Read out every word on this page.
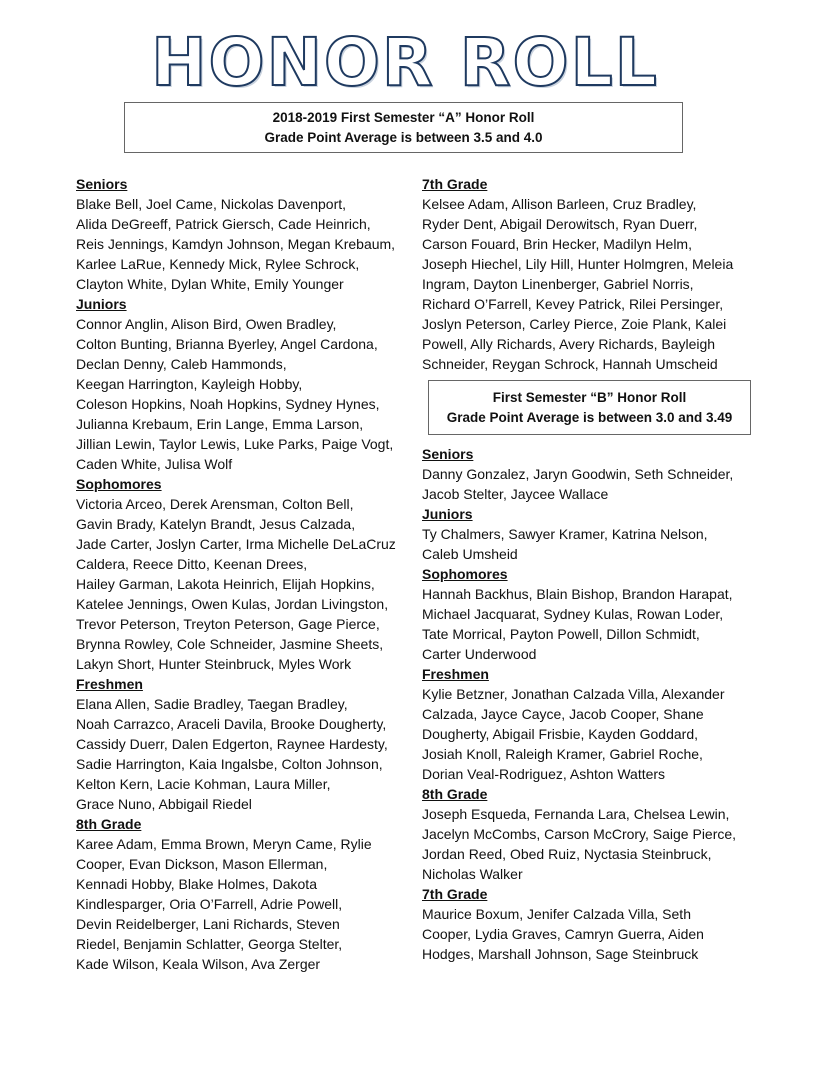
HONOR ROLL
2018-2019 First Semester “A” Honor Roll
Grade Point Average is between 3.5 and 4.0
Seniors
Blake Bell, Joel Came, Nickolas Davenport,
Alida DeGreeff, Patrick Giersch, Cade Heinrich,
Reis Jennings, Kamdyn Johnson, Megan Krebaum,
Karlee LaRue, Kennedy Mick, Rylee Schrock,
Clayton White, Dylan White, Emily Younger
Juniors
Connor Anglin, Alison Bird, Owen Bradley,
Colton Bunting, Brianna Byerley, Angel Cardona,
Declan Denny, Caleb Hammonds,
Keegan Harrington, Kayleigh Hobby,
Coleson Hopkins, Noah Hopkins, Sydney Hynes,
Julianna Krebaum, Erin Lange, Emma Larson,
Jillian Lewin, Taylor Lewis, Luke Parks, Paige Vogt,
Caden White, Julisa Wolf
Sophomores
Victoria Arceo, Derek Arensman, Colton Bell,
Gavin Brady, Katelyn Brandt, Jesus Calzada,
Jade Carter, Joslyn Carter, Irma Michelle DeLaCruz
Caldera, Reece Ditto, Keenan Drees,
Hailey Garman, Lakota Heinrich, Elijah Hopkins,
Katelee Jennings, Owen Kulas, Jordan Livingston,
Trevor Peterson, Treyton Peterson, Gage Pierce,
Brynna Rowley, Cole Schneider, Jasmine Sheets,
Lakyn Short, Hunter Steinbruck, Myles Work
Freshmen
Elana Allen, Sadie Bradley, Taegan Bradley,
Noah Carrazco, Araceli Davila, Brooke Dougherty,
Cassidy Duerr, Dalen Edgerton, Raynee Hardesty,
Sadie Harrington, Kaia Ingalsbe, Colton Johnson,
Kelton Kern, Lacie Kohman, Laura Miller,
Grace Nuno, Abbigail Riedel
8th Grade
Karee Adam, Emma Brown, Meryn Came, Rylie
Cooper, Evan Dickson, Mason Ellerman,
Kennadi Hobby, Blake Holmes, Dakota
Kindlesparger, Oria O’Farrell, Adrie Powell,
Devin Reidelberger, Lani Richards, Steven
Riedel, Benjamin Schlatter, Georga Stelter,
Kade Wilson, Keala Wilson, Ava Zerger
7th Grade
Kelsee Adam, Allison Barleen, Cruz Bradley,
Ryder Dent, Abigail Derowitsch, Ryan Duerr,
Carson Fouard, Brin Hecker, Madilyn Helm,
Joseph Hiechel, Lily Hill, Hunter Holmgren, Meleia
Ingram, Dayton Linenberger, Gabriel Norris,
Richard O’Farrell, Kevey Patrick, Rilei Persinger,
Joslyn Peterson, Carley Pierce, Zoie Plank, Kalei
Powell, Ally Richards, Avery Richards, Bayleigh
Schneider, Reygan Schrock, Hannah Umscheid
First Semester “B” Honor Roll
Grade Point Average is between 3.0 and 3.49
Seniors
Danny Gonzalez, Jaryn Goodwin, Seth Schneider,
Jacob Stelter, Jaycee Wallace
Juniors
Ty Chalmers, Sawyer Kramer, Katrina Nelson,
Caleb Umsheid
Sophomores
Hannah Backhus, Blain Bishop, Brandon Harapat,
Michael Jacquarat, Sydney Kulas, Rowan Loder,
Tate Morrical, Payton Powell, Dillon Schmidt,
Carter Underwood
Freshmen
Kylie Betzner, Jonathan Calzada Villa, Alexander
Calzada, Jayce Cayce, Jacob Cooper, Shane
Dougherty, Abigail Frisbie, Kayden Goddard,
Josiah Knoll, Raleigh Kramer, Gabriel Roche,
Dorian Veal-Rodriguez, Ashton Watters
8th Grade
Joseph Esqueda, Fernanda Lara, Chelsea Lewin,
Jacelyn McCombs, Carson McCrory, Saige Pierce,
Jordan Reed, Obed Ruiz, Nyctasia Steinbruck,
Nicholas Walker
7th Grade
Maurice Boxum, Jenifer Calzada Villa, Seth
Cooper, Lydia Graves, Camryn Guerra, Aiden
Hodges, Marshall Johnson, Sage Steinbruck
